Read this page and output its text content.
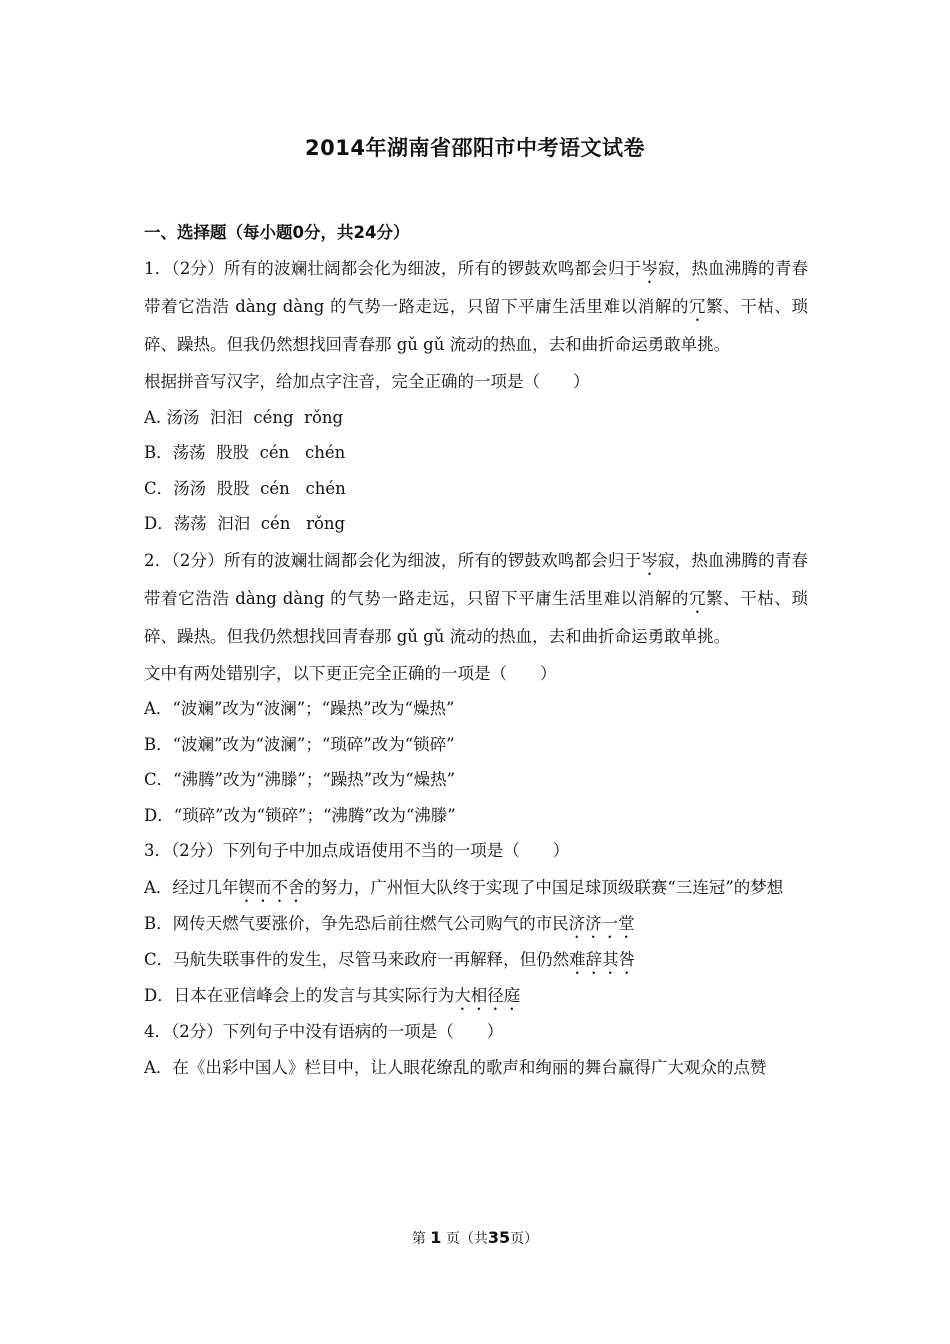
2014年湖南省邵阳市中考语文试卷
一、选择题（每小题0分，共24分）
1．（2分）所有的波斓壮阔都会化为细波，所有的锣鼓欢鸣都会归于岑寂，热血沸腾的青春带着它浩浩 dàng dàng 的气势一路走远，只留下平庸生活里难以消解的冗繁、干枯、琐碎、躁热。但我仍然想找回青春那 gǔ gǔ 流动的热血，去和曲折命运勇敢单挑。
根据拼音写汉字，给加点字注音，完全正确的一项是（　　）
A. 汤汤  汩汩  céng  rǒng
B．荡荡  股股  cén   chén
C．汤汤  股股  cén   chén
D．荡荡  汩汩  cén   rǒng
2．（2分）所有的波斓壮阔都会化为细波，所有的锣鼓欢鸣都会归于岑寂，热血沸腾的青春带着它浩浩 dàng dàng 的气势一路走远，只留下平庸生活里难以消解的冗繁、干枯、琐碎、躁热。但我仍然想找回青春那 gǔ gǔ 流动的热血，去和曲折命运勇敢单挑。
文中有两处错别字，以下更正完全正确的一项是（　　）
A．“波斓”改为“波澜”；“躁热”改为“燥热”
B．“波斓”改为“波澜”；“琐碎”改为“锁碎”
C．“沸腾”改为“沸滕”；“躁热”改为“燥热”
D．“琐碎”改为“锁碎”；“沸腾”改为“沸滕”
3．（2分）下列句子中加点成语使用不当的一项是（　　）
A．经过几年锲而不舍的努力，广州恒大队终于实现了中国足球顶级联赛“三连冠”的梦想
B．网传天燃气要涨价，争先恐后前往燃气公司购气的市民济济一堂
C．马航失联事件的发生，尽管马来政府一再解释，但仍然难辞其咎
D．日本在亚信峰会上的发言与其实际行为大相径庭
4．（2分）下列句子中没有语病的一项是（　　）
A．在《出彩中国人》栏目中，让人眼花缭乱的歌声和绚丽的舞台赢得广大观众的点赞
第 1 页（共35页）
